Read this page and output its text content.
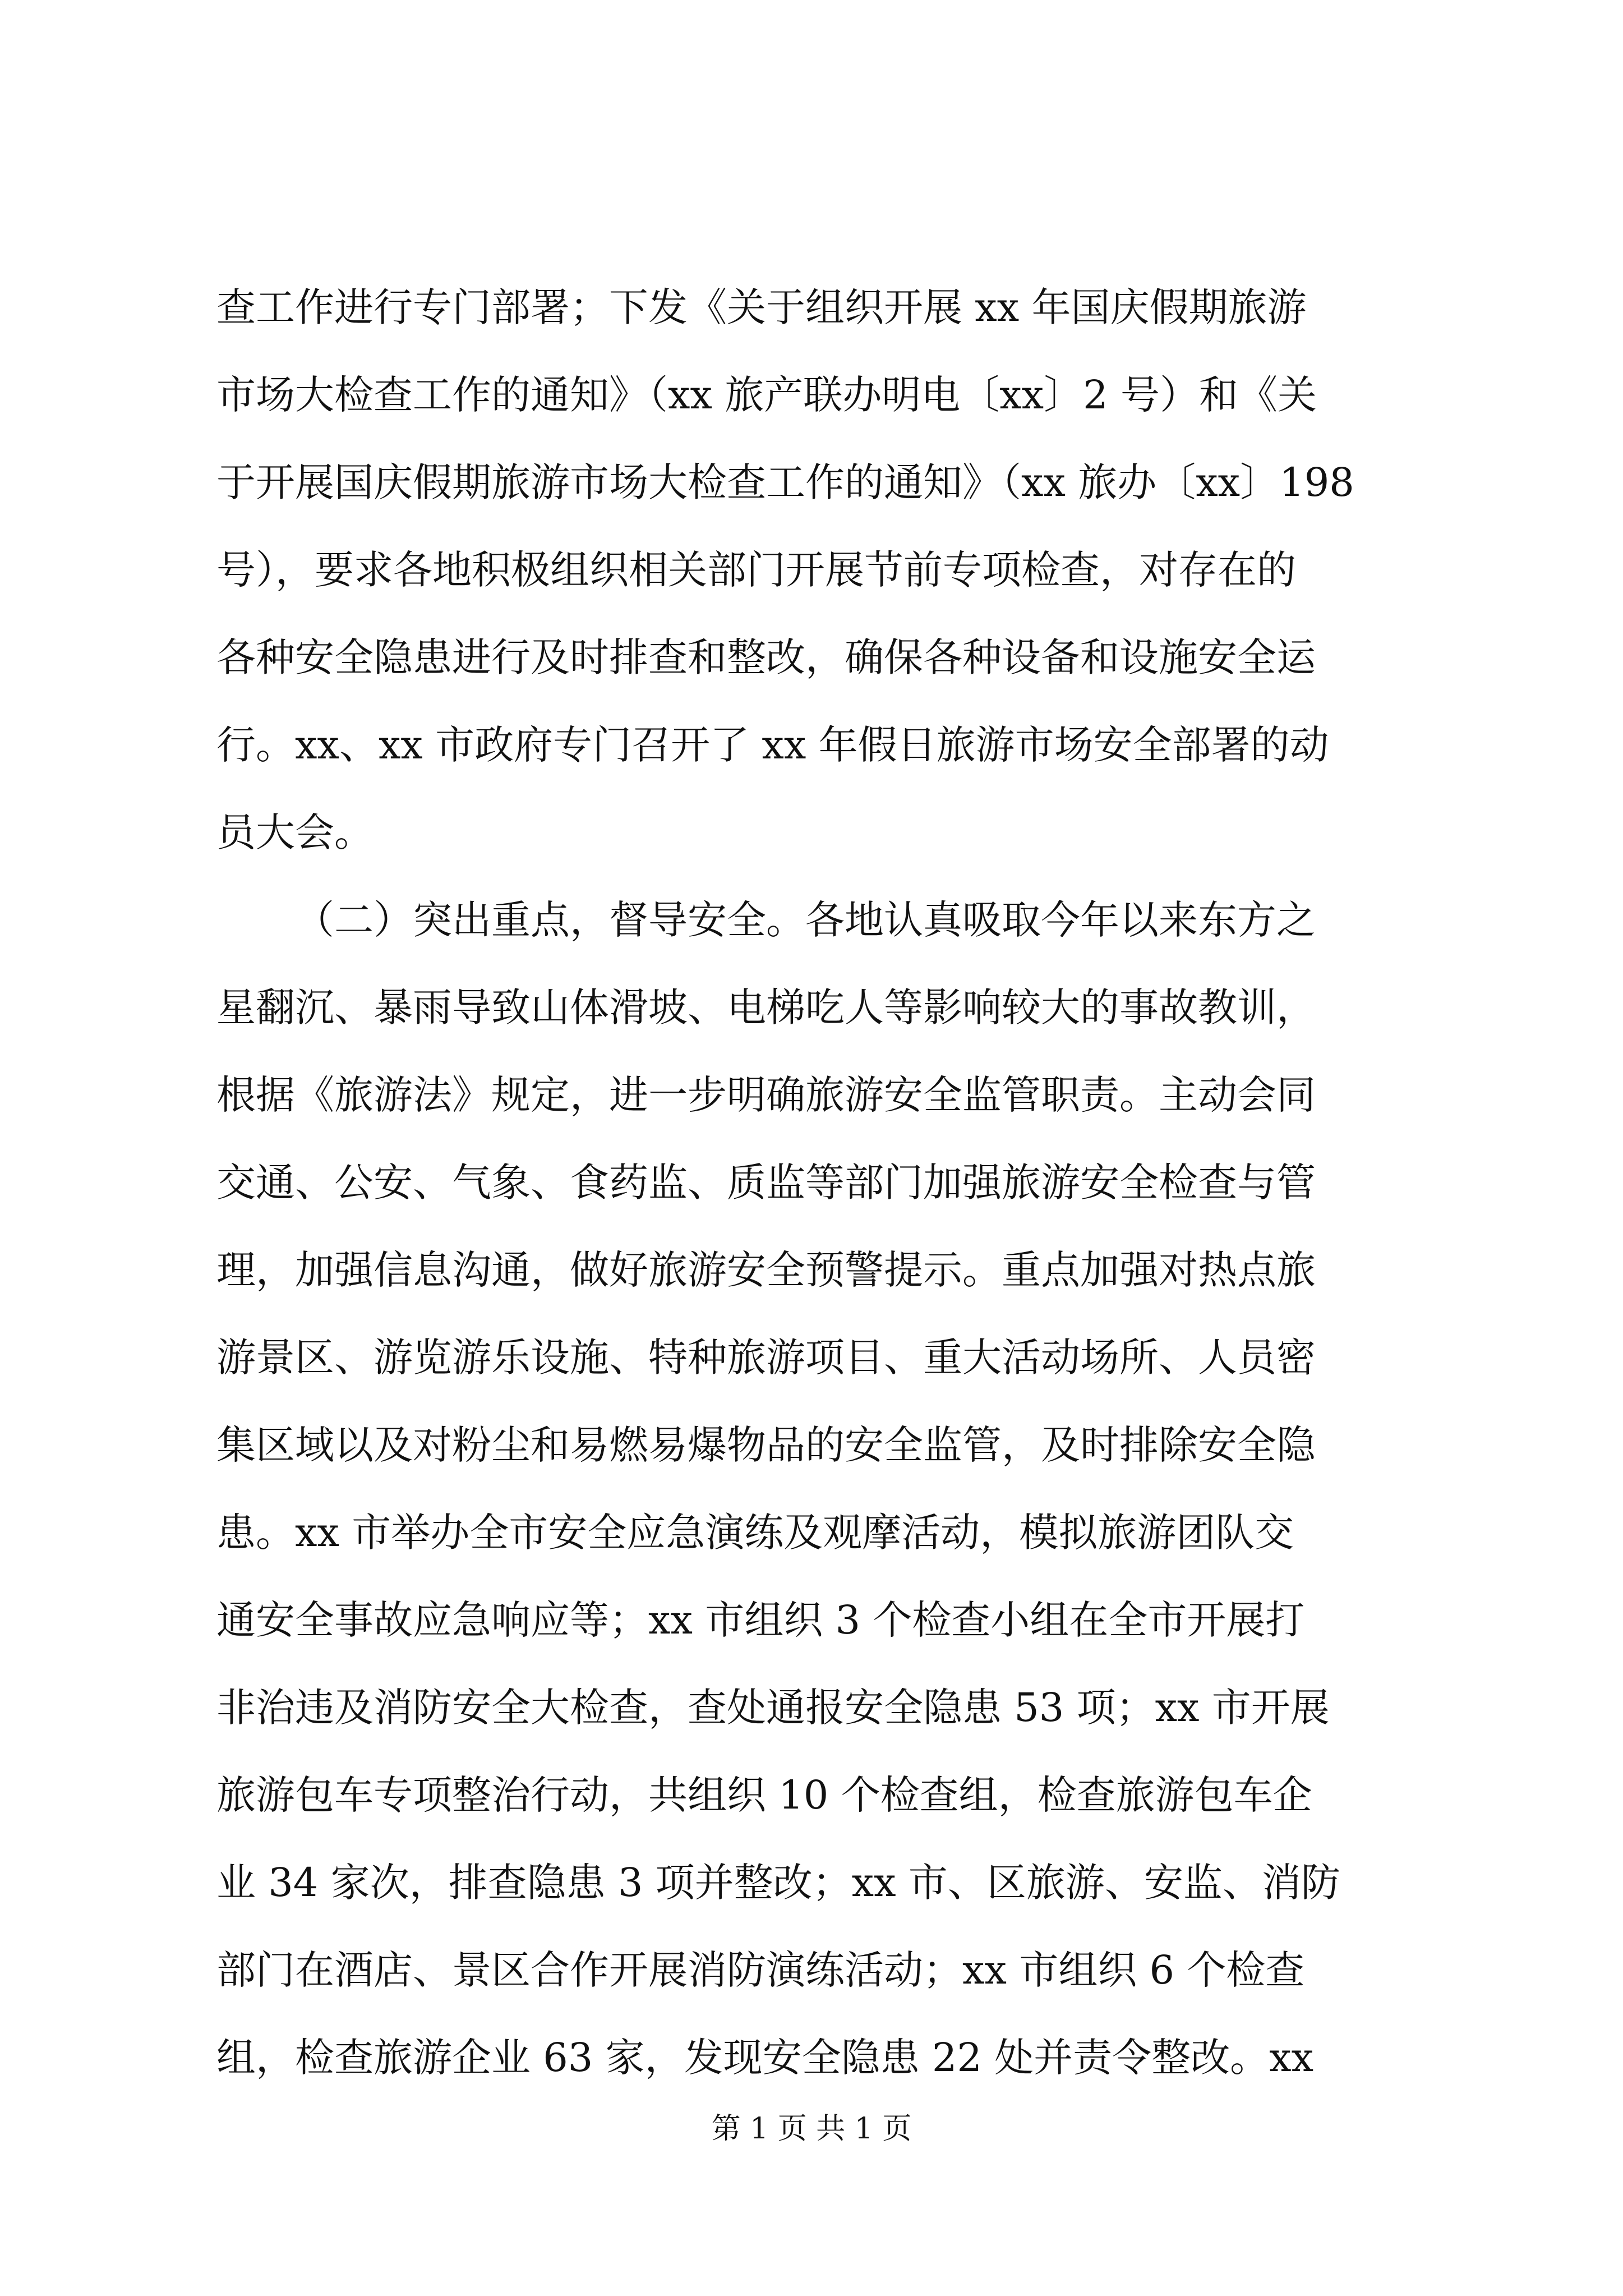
查工作进行专门部署；下发《关于组织开展 xx 年国庆假期旅游
市场大检查工作的通知》（xx 旅产联办明电〔xx〕2 号）和《关
于开展国庆假期旅游市场大检查工作的通知》（xx 旅办〔xx〕198
号），要求各地积极组织相关部门开展节前专项检查，对存在的
各种安全隐患进行及时排查和整改，确保各种设备和设施安全运
行。xx、xx 市政府专门召开了 xx 年假日旅游市场安全部署的动
员大会。
（二）突出重点，督导安全。各地认真吸取今年以来东方之
星翻沉、暴雨导致山体滑坡、电梯吃人等影响较大的事故教训，
根据《旅游法》规定，进一步明确旅游安全监管职责。主动会同
交通、公安、气象、食药监、质监等部门加强旅游安全检查与管
理，加强信息沟通，做好旅游安全预警提示。重点加强对热点旅
游景区、游览游乐设施、特种旅游项目、重大活动场所、人员密
集区域以及对粉尘和易燃易爆物品的安全监管，及时排除安全隐
患。xx 市举办全市安全应急演练及观摩活动，模拟旅游团队交
通安全事故应急响应等；xx 市组织 3 个检查小组在全市开展打
非治违及消防安全大检查，查处通报安全隐患 53 项；xx 市开展
旅游包车专项整治行动，共组织 10 个检查组，检查旅游包车企
业 34 家次，排查隐患 3 项并整改；xx 市、区旅游、安监、消防
部门在酒店、景区合作开展消防演练活动；xx 市组织 6 个检查
组，检查旅游企业 63 家，发现安全隐患 22 处并责令整改。xx
第 1 页 共 1 页
